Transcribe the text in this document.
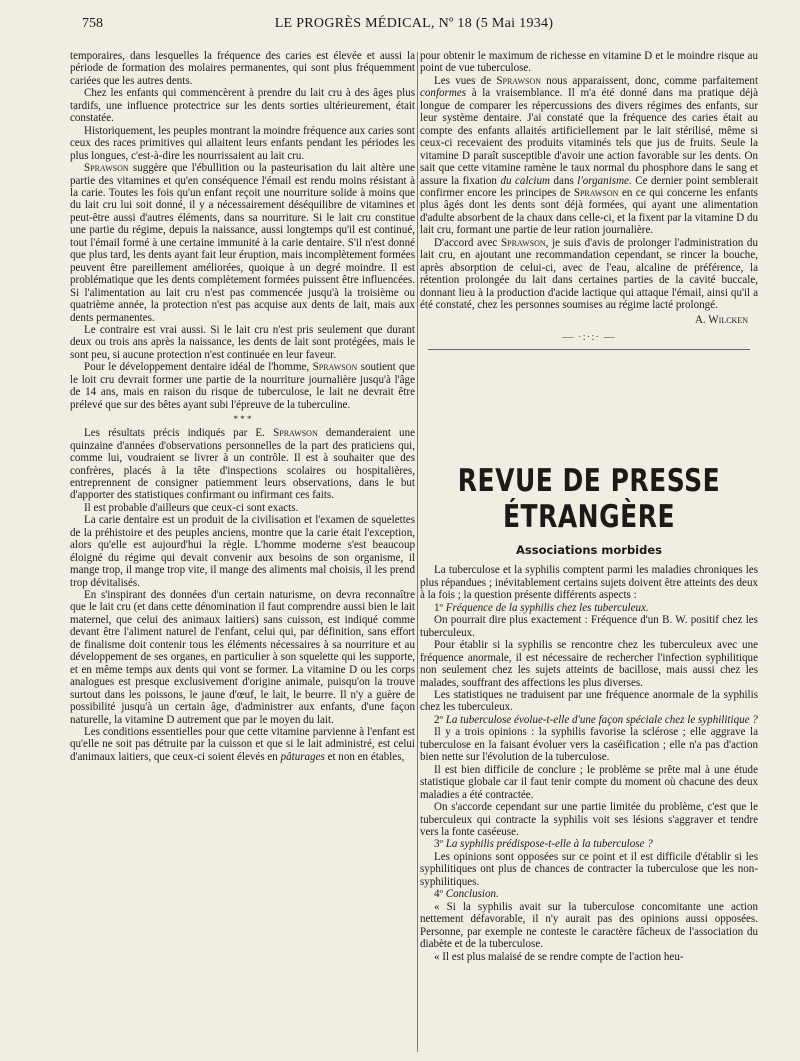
758	LE PROGRÈS MÉDICAL, Nº 18 (5 Mai 1934)

temporaires, dans lesquelles la fréquence des caries est élevée et aussi la période de formation des molaires permanentes, qui sont plus fréquemment cariées que les autres dents.

Chez les enfants qui commencèrent à prendre du lait cru à des âges plus tardifs, une influence protectrice sur les dents sorties ultérieurement, était constatée.

Historiquement, les peuples montrant la moindre fréquence aux caries sont ceux des races primitives qui allaitent leurs enfants pendant les périodes les plus longues, c'est-à-dire les nourrissaient au lait cru.

Sprawson suggère que l'ébullition ou la pasteurisation du lait altère une partie des vitamines et qu'en conséquence l'émail est rendu moins résistant à la carie. Toutes les fois qu'un enfant reçoit une nourriture solide à moins que du lait cru lui soit donné, il y a nécessairement déséquilibre de vitamines et peut-être aussi d'autres éléments, dans sa nourriture. Si le lait cru constitue une partie du régime, depuis la naissance, aussi longtemps qu'il est continué, tout l'émail formé à une certaine immunité à la carie dentaire. S'il n'est donné que plus tard, les dents ayant fait leur éruption, mais incomplètement formées peuvent être pareillement améliorées, quoique à un degré moindre. Il est problématique que les dents complètement formées puissent être influencées. Si l'alimentation au lait cru n'est pas commencée jusqu'à la troisième ou quatrième année, la protection n'est pas acquise aux dents de lait, mais aux dents permanentes.

Le contraire est vrai aussi. Si le lait cru n'est pris seulement que durant deux ou trois ans après la naissance, les dents de lait sont protégées, mais le sont peu, si aucune protection n'est continuée en leur faveur.

Pour le développement dentaire idéal de l'homme, Sprawson soutient que le loit cru devrait former une partie de la nourriture journalière jusqu'à l'âge de 14 ans, mais en raison du risque de tuberculose, le lait ne devrait être prélevé que sur des bêtes ayant subi l'épreuve de la tuberculine.

* * *

Les résultats précis indiqués par E. Sprawson demanderaient une quinzaine d'années d'observations personnelles de la part des praticiens qui, comme lui, voudraient se livrer à un contrôle. Il est à souhaiter que des confrères, placés à la tête d'inspections scolaires ou hospitalières, entreprennent de consigner patiemment leurs observations, dans le but d'apporter des statistiques confirmant ou infirmant ces faits.

Il est probable d'ailleurs que ceux-ci sont exacts.

La carie dentaire est un produit de la civilisation et l'examen de squelettes de la préhistoire et des peuples anciens, montre que la carie était l'exception, alors qu'elle est aujourd'hui la règle. L'homme moderne s'est beaucoup éloigné du régime qui devait convenir aux besoins de son organisme, il mange trop, il mange trop vite, il mange des aliments mal choisis, il les prend trop dévitalisés.

En s'inspirant des données d'un certain naturisme, on devra reconnaître que le lait cru (et dans cette dénomination il faut comprendre aussi bien le lait maternel, que celui des animaux laitiers) sans cuisson, est indiqué comme devant être l'aliment naturel de l'enfant, celui qui, par définition, sans effort de finalisme doit contenir tous les éléments nécessaires à sa nourriture et au développement de ses organes, en particulier à son squelette qui les supporte, et en même temps aux dents qui vont se former. La vitamine D ou les corps analogues est presque exclusivement d'origine animale, puisqu'on la trouve surtout dans les poissons, le jaune d'œuf, le lait, le beurre. Il n'y a guère de possibilité jusqu'à un certain âge, d'administrer aux enfants, d'une façon naturelle, la vitamine D autrement que par le moyen du lait.

Les conditions essentielles pour que cette vitamine parvienne à l'enfant est qu'elle ne soit pas détruite par la cuisson et que si le lait administré, est celui d'animaux laitiers, que ceux-ci soient élevés en pâturages et non en étables,

pour obtenir le maximum de richesse en vitamine D et le moindre risque au point de vue tuberculose.

Les vues de Sprawson nous apparaissent, donc, comme parfaitement conformes à la vraisemblance. Il m'a été donné dans ma pratique déjà longue de comparer les répercussions des divers régimes des enfants, sur leur système dentaire. J'ai constaté que la fréquence des caries était au compte des enfants allaités artificiellement par le lait stérilisé, même si ceux-ci recevaient des produits vitaminés tels que jus de fruits. Seule la vitamine D paraît susceptible d'avoir une action favorable sur les dents. On sait que cette vitamine ramène le taux normal du phosphore dans le sang et assure la fixation du calcium dans l'organisme. Ce dernier point semblerait confirmer encore les principes de Sprawson en ce qui concerne les enfants plus âgés dont les dents sont déjà formées, qui ayant une alimentation d'adulte absorbent de la chaux dans celle-ci, et la fixent par la vitamine D du lait cru, formant une partie de leur ration journalière.

D'accord avec Sprawson, je suis d'avis de prolonger l'administration du lait cru, en ajoutant une recommandation cependant, se rincer la bouche, après absorption de celui-ci, avec de l'eau, alcaline de préférence, la rétention prolongée du lait dans certaines parties de la cavité buccale, donnant lieu à la production d'acide lactique qui attaque l'émail, ainsi qu'il a été constaté, chez les personnes soumises au régime lacté prolongé.

A. Wilcken
— ·:·:· —
REVUE DE PRESSE ÉTRANGÈRE
Associations morbides

La tuberculose et la syphilis comptent parmi les maladies chroniques les plus répandues ; inévitablement certains sujets doivent être atteints des deux à la fois ; la question présente différents aspects :

1º Fréquence de la syphilis chez les tuberculeux.

On pourrait dire plus exactement : Fréquence d'un B. W. positif chez les tuberculeux.

Pour établir si la syphilis se rencontre chez les tuberculeux avec une fréquence anormale, il est nécessaire de rechercher l'infection syphilitique non seulement chez les sujets atteints de bacillose, mais aussi chez les malades, souffrant des affections les plus diverses.

Les statistiques ne traduisent par une fréquence anormale de la syphilis chez les tuberculeux.

2º La tuberculose évolue-t-elle d'une façon spéciale chez le syphilitique ?

Il y a trois opinions : la syphilis favorise la sclérose ; elle aggrave la tuberculose en la faisant évoluer vers la caséification ; elle n'a pas d'action bien nette sur l'évolution de la tuberculose.

Il est bien difficile de conclure ; le problème se prête mal à une étude statistique globale car il faut tenir compte du moment où chacune des deux maladies a été contractée.

On s'accorde cependant sur une partie limitée du problème, c'est que le tuberculeux qui contracte la syphilis voit ses lésions s'aggraver et tendre vers la fonte caséeuse.

3º La syphilis prédispose-t-elle à la tuberculose ?

Les opinions sont opposées sur ce point et il est difficile d'établir si les syphilitiques ont plus de chances de contracter la tuberculose que les non-syphilitiques.

4º Conclusion.

« Si la syphilis avait sur la tuberculose concomitante une action nettement défavorable, il n'y aurait pas des opinions aussi opposées. Personne, par exemple ne conteste le caractère fâcheux de l'association du diabète et de la tuberculose.

« Il est plus malaisé de se rendre compte de l'action heu-
